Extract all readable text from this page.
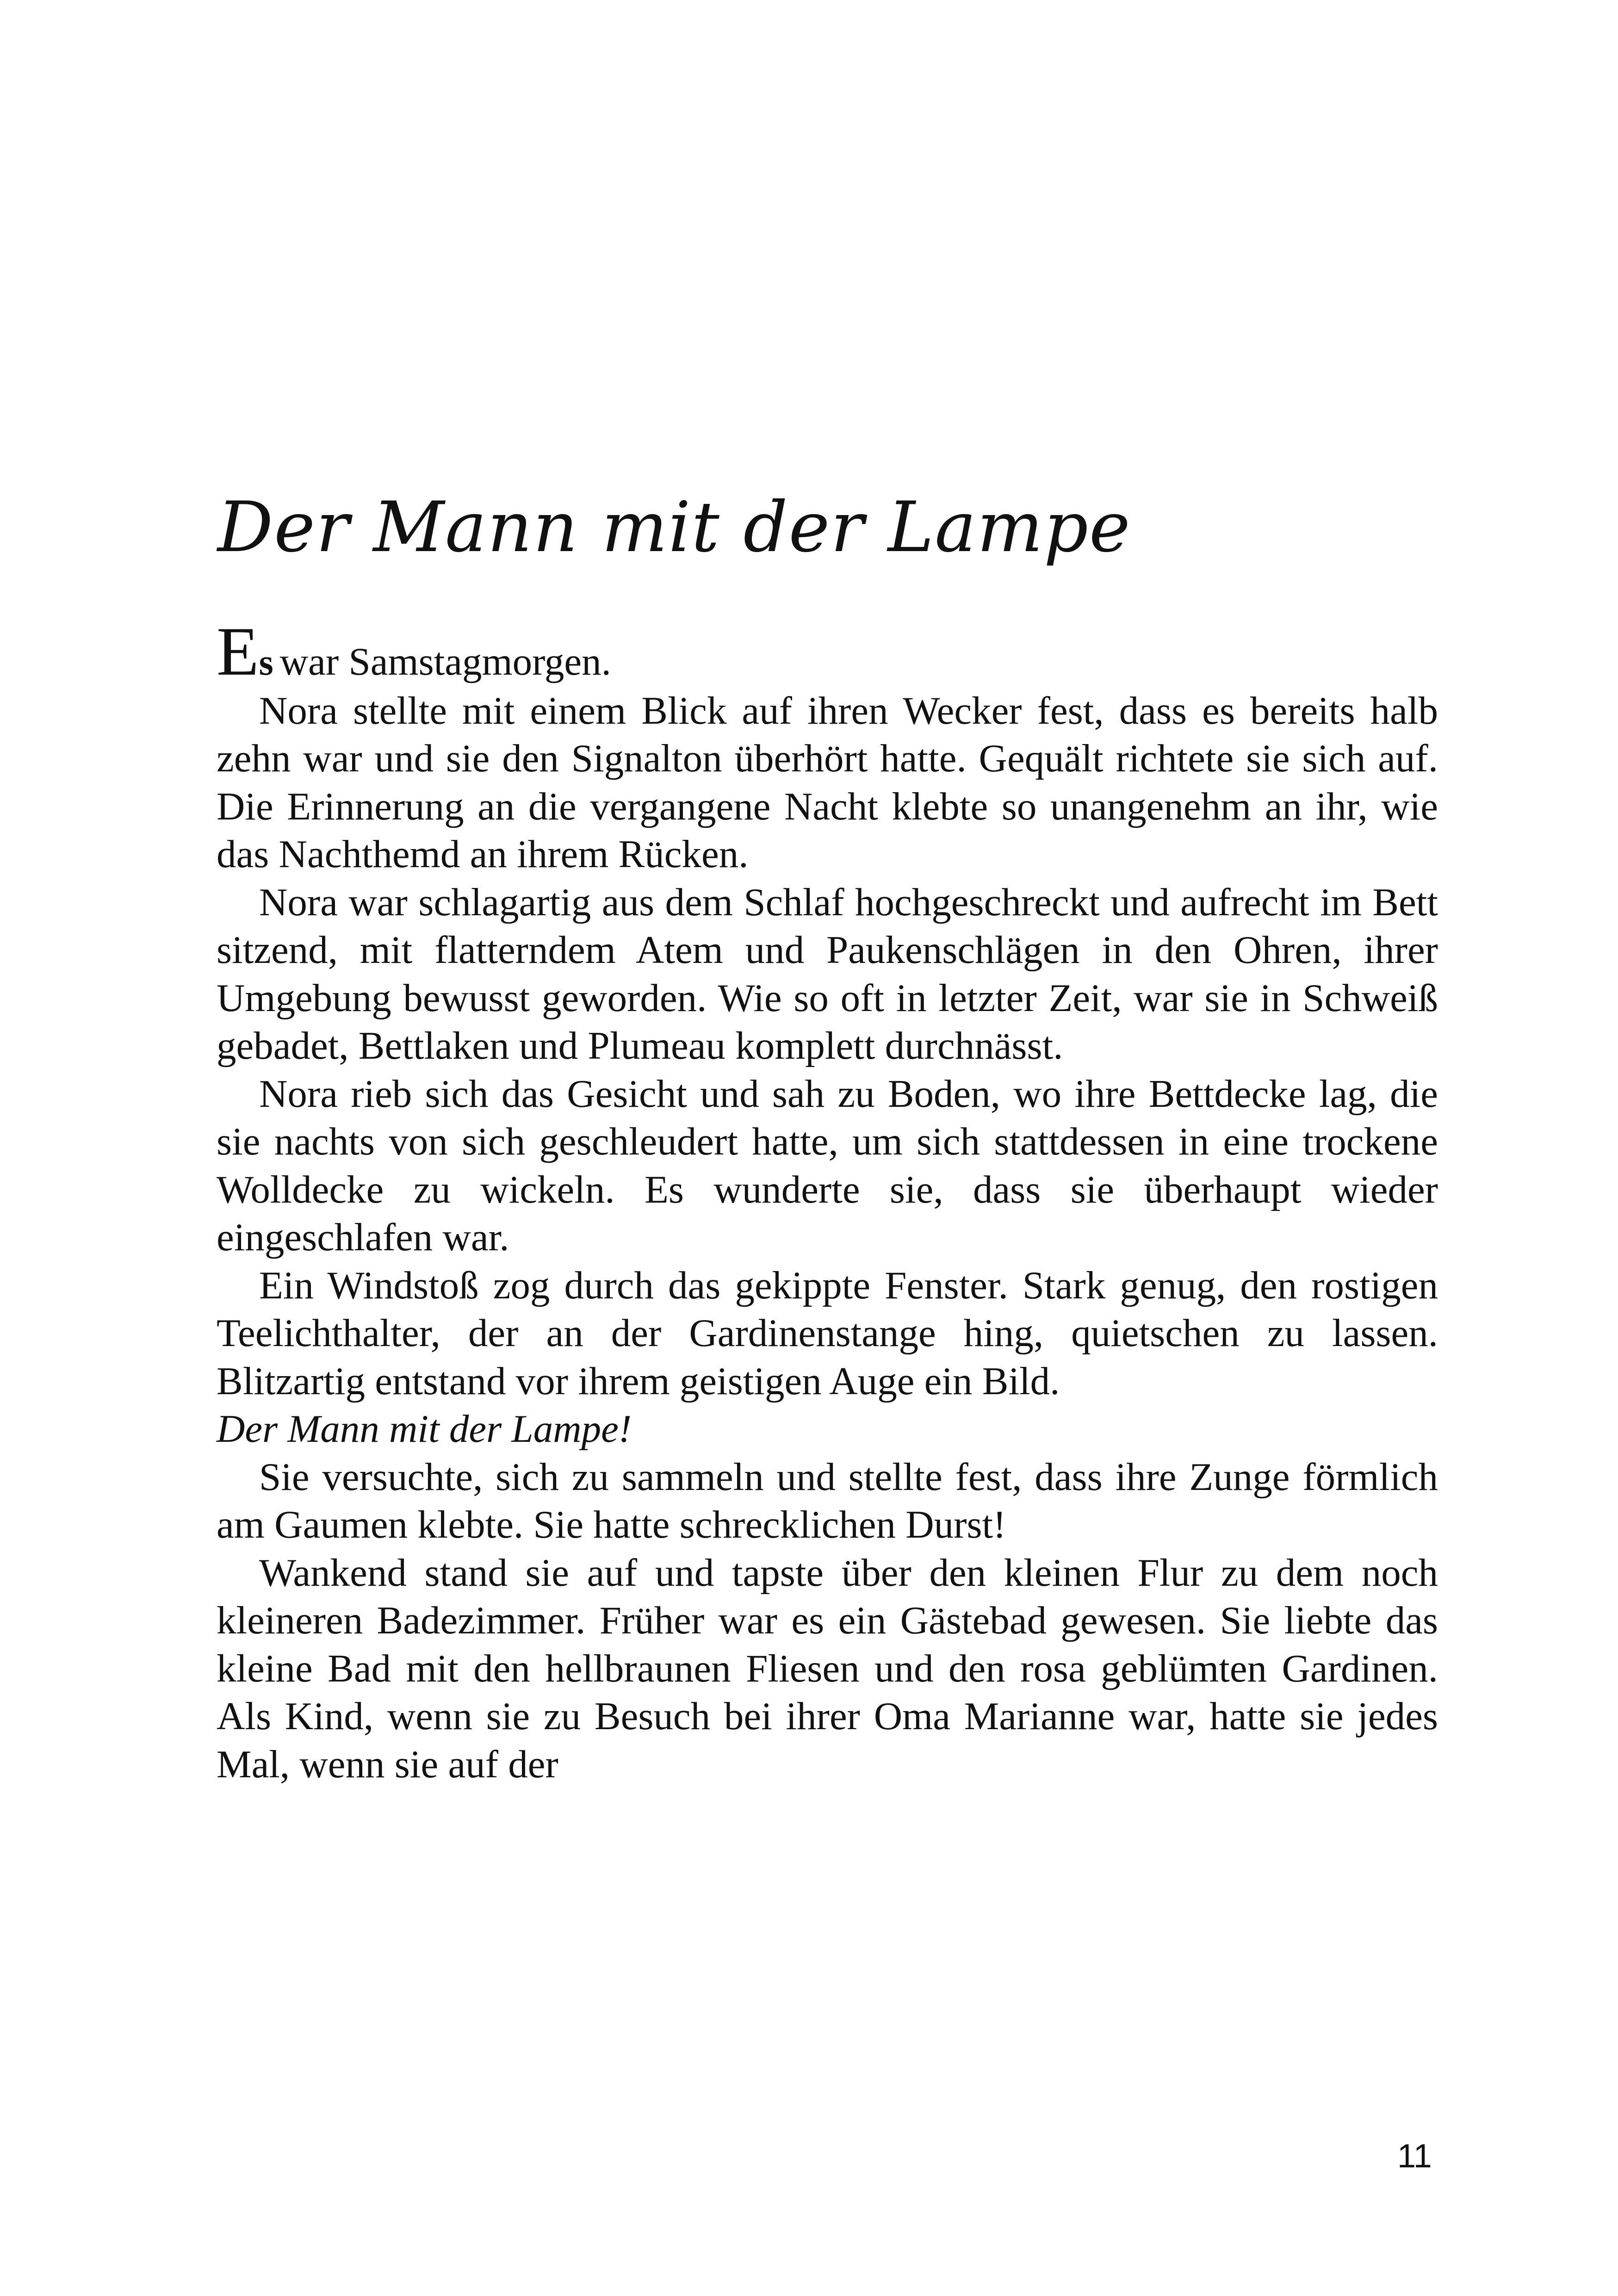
Der Mann mit der Lampe

Es war Samstagmorgen.

Nora stellte mit einem Blick auf ihren Wecker fest, dass es bereits halb zehn war und sie den Signalton überhört hatte. Gequält richtete sie sich auf. Die Erinnerung an die vergangene Nacht klebte so unangenehm an ihr, wie das Nachthemd an ihrem Rücken.

Nora war schlagartig aus dem Schlaf hochgeschreckt und aufrecht im Bett sitzend, mit flatterndem Atem und Paukenschlägen in den Ohren, ihrer Umgebung bewusst geworden. Wie so oft in letzter Zeit, war sie in Schweiß gebadet, Bettlaken und Plumeau komplett durchnässt.

Nora rieb sich das Gesicht und sah zu Boden, wo ihre Bettdecke lag, die sie nachts von sich geschleudert hatte, um sich stattdessen in eine trockene Wolldecke zu wickeln. Es wunderte sie, dass sie überhaupt wieder eingeschlafen war.

Ein Windstoß zog durch das gekippte Fenster. Stark genug, den rostigen Teelichthalter, der an der Gardinenstange hing, quietschen zu lassen. Blitzartig entstand vor ihrem geistigen Auge ein Bild.

Der Mann mit der Lampe!

Sie versuchte, sich zu sammeln und stellte fest, dass ihre Zunge förmlich am Gaumen klebte. Sie hatte schrecklichen Durst!

Wankend stand sie auf und tapste über den kleinen Flur zu dem noch kleineren Badezimmer. Früher war es ein Gästebad gewesen. Sie liebte das kleine Bad mit den hellbraunen Fliesen und den rosa geblümten Gardinen. Als Kind, wenn sie zu Besuch bei ihrer Oma Marianne war, hatte sie jedes Mal, wenn sie auf der

11
